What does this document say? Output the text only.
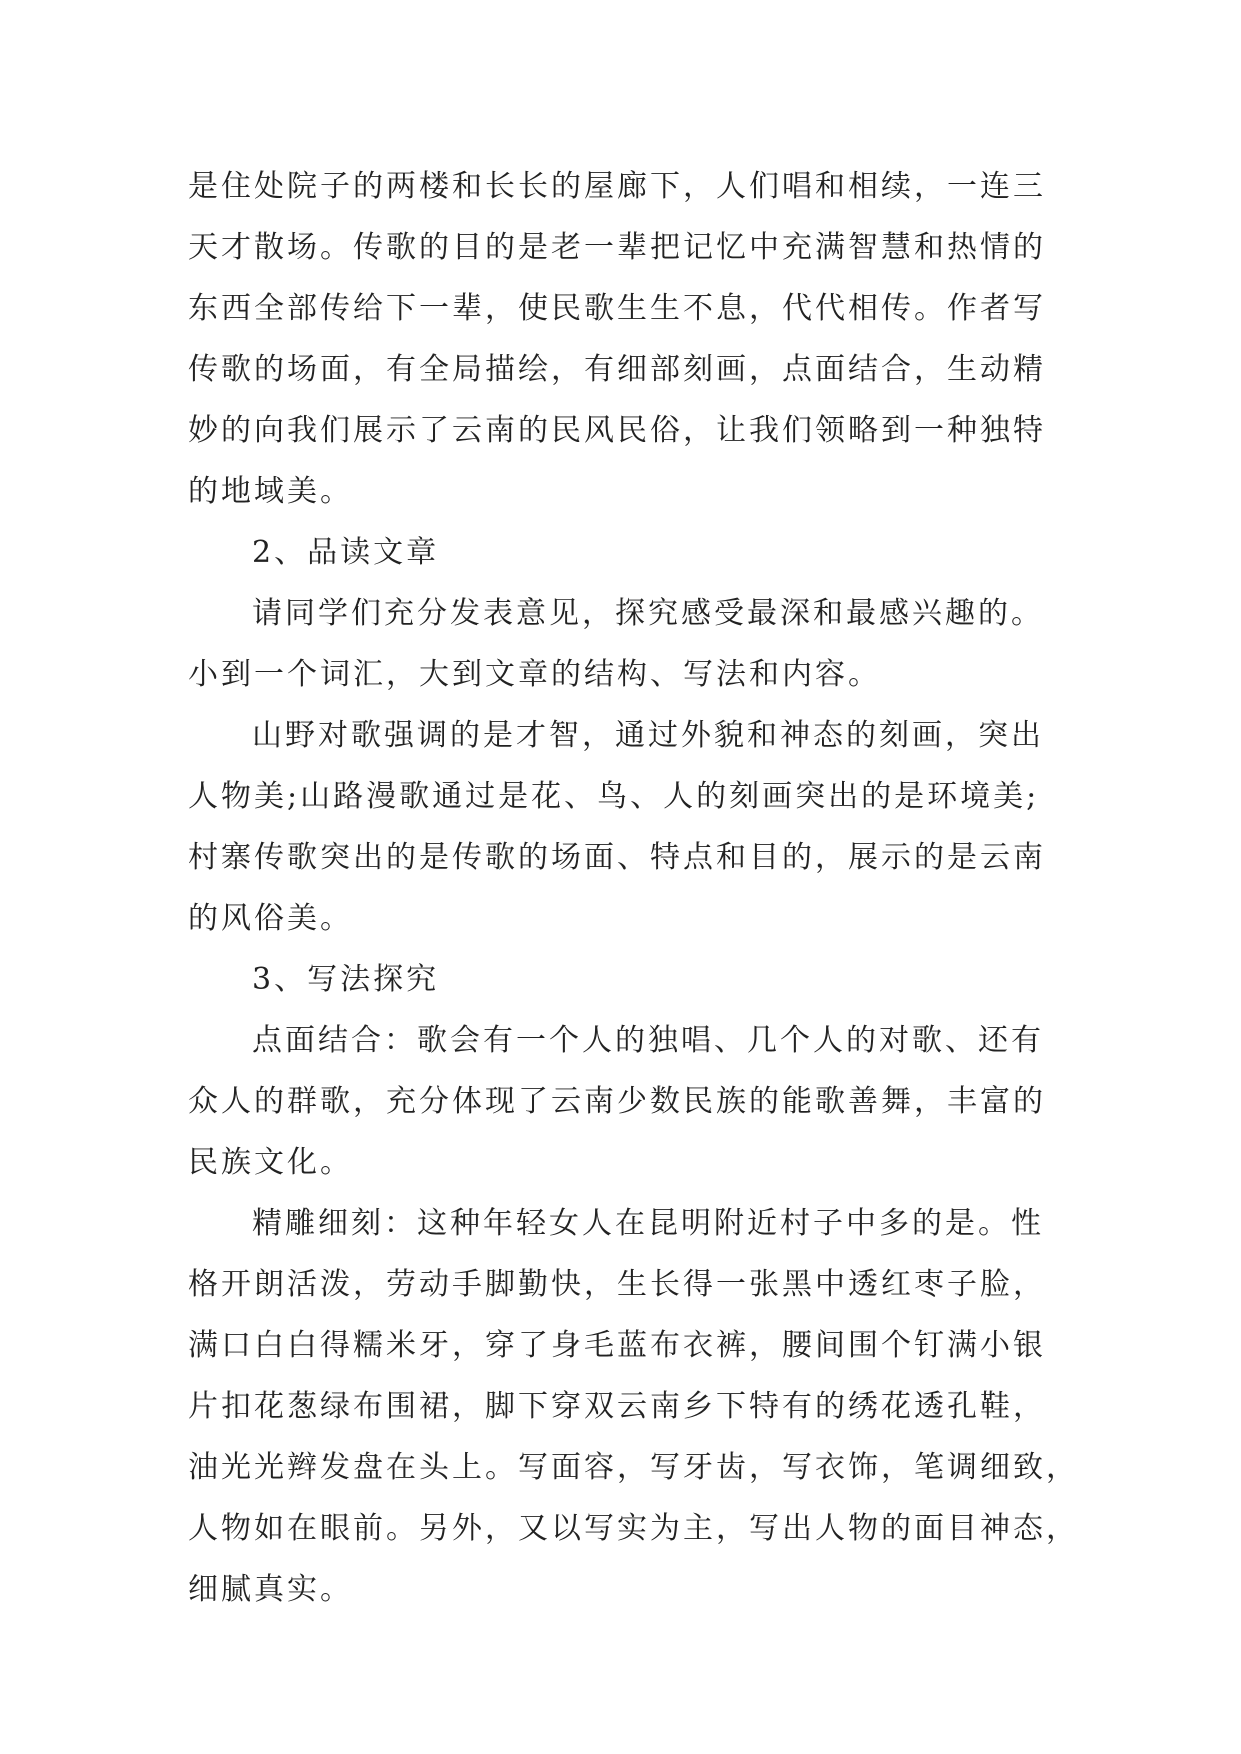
是住处院子的两楼和长长的屋廊下，人们唱和相续，一连三
天才散场。传歌的目的是老一辈把记忆中充满智慧和热情的
东西全部传给下一辈，使民歌生生不息，代代相传。作者写
传歌的场面，有全局描绘，有细部刻画，点面结合，生动精
妙的向我们展示了云南的民风民俗，让我们领略到一种独特
的地域美。
2、品读文章
请同学们充分发表意见，探究感受最深和最感兴趣的。
小到一个词汇，大到文章的结构、写法和内容。
山野对歌强调的是才智，通过外貌和神态的刻画，突出
人物美;山路漫歌通过是花、鸟、人的刻画突出的是环境美;
村寨传歌突出的是传歌的场面、特点和目的，展示的是云南
的风俗美。
3、写法探究
点面结合：歌会有一个人的独唱、几个人的对歌、还有
众人的群歌，充分体现了云南少数民族的能歌善舞，丰富的
民族文化。
精雕细刻：这种年轻女人在昆明附近村子中多的是。性
格开朗活泼，劳动手脚勤快，生长得一张黑中透红枣子脸，
满口白白得糯米牙，穿了身毛蓝布衣裤，腰间围个钉满小银
片扣花葱绿布围裙，脚下穿双云南乡下特有的绣花透孔鞋，
油光光辫发盘在头上。写面容，写牙齿，写衣饰，笔调细致，
人物如在眼前。另外，又以写实为主，写出人物的面目神态，
细腻真实。
